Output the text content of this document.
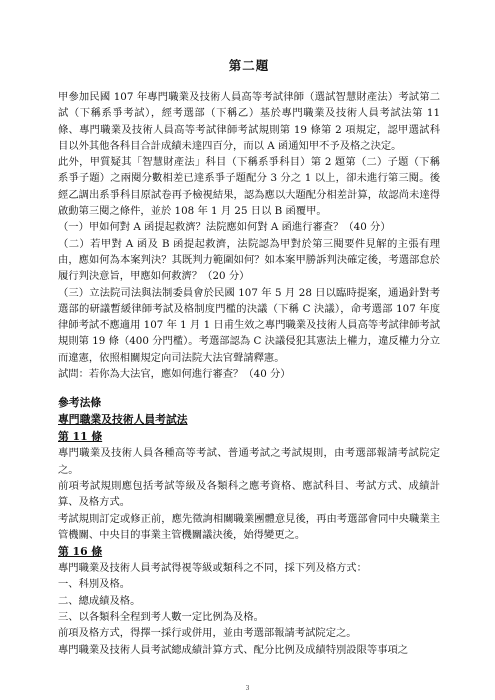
第二題

甲參加民國 107 年專門職業及技術人員高等考試律師（選試智慧財產法）考試第二試（下稱系爭考試），經考選部（下稱乙）基於專門職業及技術人員考試法第 11 條、專門職業及技術人員高等考試律師考試規則第 19 條第 2 項規定，認甲選試科目以外其他各科目合計成績未達四百分，而以 A 函通知甲不予及格之決定。

此外，甲質疑其「智慧財產法」科目（下稱系爭科目）第 2 題第（二）子題（下稱系爭子題）之兩閱分數相差已達系爭子題配分 3 分之 1 以上，卻未進行第三閱。後經乙調出系爭科目原試卷再予檢視結果，認為應以大題配分相差計算，故認尚未達得啟動第三閱之條件，並於 108 年 1 月 25 日以 B 函覆甲。

（一）甲如何對 A 函提起救濟？法院應如何對 A 函進行審查？（40 分）

（二）若甲對 A 函及 B 函提起救濟，法院認為甲對於第三閱要件見解的主張有理由，應如何為本案判決？其既判力範圍如何？如本案甲勝訴判決確定後，考選部怠於履行判決意旨，甲應如何救濟？（20 分）

（三）立法院司法與法制委員會於民國 107 年 5 月 28 日以臨時提案，通過針對考選部的研議暫緩律師考試及格制度門檻的決議（下稱 C 決議），命考選部 107 年度律師考試不應適用 107 年 1 月 1 日甫生效之專門職業及技術人員高等考試律師考試規則第 19 條（400 分門檻）。考選部認為 C 決議侵犯其憲法上權力，違反權力分立而違憲，依照相關規定向司法院大法官聲請釋憲。

試問：若你為大法官，應如何進行審查？（40 分）

參考法條

專門職業及技術人員考試法

第 11 條

專門職業及技術人員各種高等考試、普通考試之考試規則，由考選部報請考試院定之。

前項考試規則應包括考試等級及各類科之應考資格、應試科目、考試方式、成績計算、及格方式。

考試規則訂定或修正前，應先徵詢相關職業團體意見後，再由考選部會同中央職業主管機關、中央目的事業主管機關議決後，始得變更之。

第 16 條

專門職業及技術人員考試得視等級或類科之不同，採下列及格方式：

一、科別及格。

二、總成績及格。

三、以各類科全程到考人數一定比例為及格。

前項及格方式，得擇一採行或併用，並由考選部報請考試院定之。

專門職業及技術人員考試總成績計算方式、配分比例及成績特別設限等事項之

3
